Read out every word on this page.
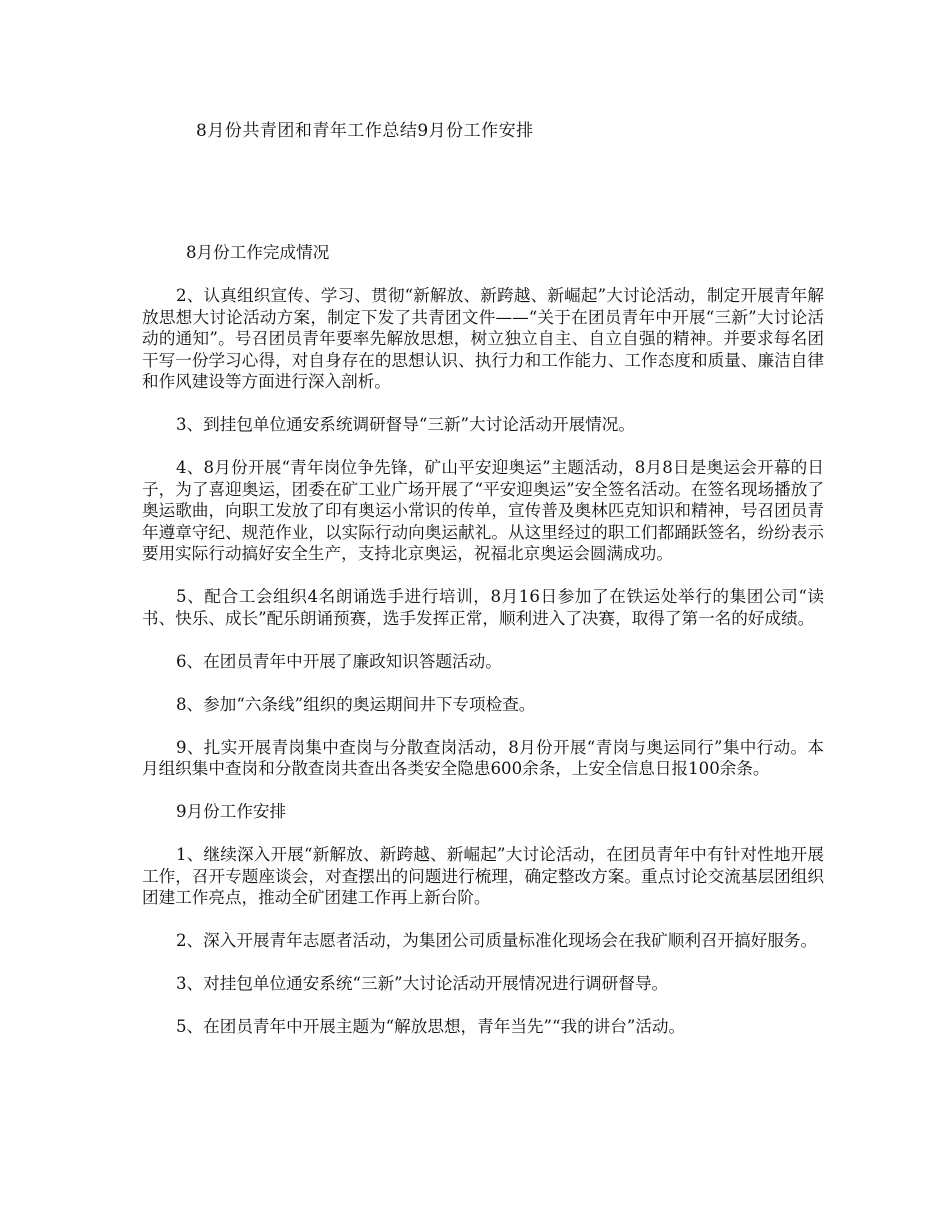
8月份共青团和青年工作总结9月份工作安排

8月份工作完成情况

2、认真组织宣传、学习、贯彻“新解放、新跨越、新崛起”大讨论活动，制定开展青年解放思想大讨论活动方案，制定下发了共青团文件——“关于在团员青年中开展“三新”大讨论活动的通知”。号召团员青年要率先解放思想，树立独立自主、自立自强的精神。并要求每名团干写一份学习心得，对自身存在的思想认识、执行力和工作能力、工作态度和质量、廉洁自律和作风建设等方面进行深入剖析。

3、到挂包单位通安系统调研督导“三新”大讨论活动开展情况。

4、8月份开展“青年岗位争先锋，矿山平安迎奥运”主题活动，8月8日是奥运会开幕的日子，为了喜迎奥运，团委在矿工业广场开展了“平安迎奥运”安全签名活动。在签名现场播放了奥运歌曲，向职工发放了印有奥运小常识的传单，宣传普及奥林匹克知识和精神，号召团员青年遵章守纪、规范作业，以实际行动向奥运献礼。从这里经过的职工们都踊跃签名，纷纷表示要用实际行动搞好安全生产，支持北京奥运，祝福北京奥运会圆满成功。

5、配合工会组织4名朗诵选手进行培训，8月16日参加了在铁运处举行的集团公司“读书、快乐、成长”配乐朗诵预赛，选手发挥正常，顺利进入了决赛，取得了第一名的好成绩。

6、在团员青年中开展了廉政知识答题活动。

8、参加“六条线”组织的奥运期间井下专项检查。

9、扎实开展青岗集中查岗与分散查岗活动，8月份开展“青岗与奥运同行”集中行动。本月组织集中查岗和分散查岗共查出各类安全隐患600余条，上安全信息日报100余条。

9月份工作安排

1、继续深入开展“新解放、新跨越、新崛起”大讨论活动，在团员青年中有针对性地开展工作，召开专题座谈会，对查摆出的问题进行梳理，确定整改方案。重点讨论交流基层团组织团建工作亮点，推动全矿团建工作再上新台阶。

2、深入开展青年志愿者活动，为集团公司质量标准化现场会在我矿顺利召开搞好服务。

3、对挂包单位通安系统“三新”大讨论活动开展情况进行调研督导。

5、在团员青年中开展主题为“解放思想，青年当先”“我的讲台”活动。
